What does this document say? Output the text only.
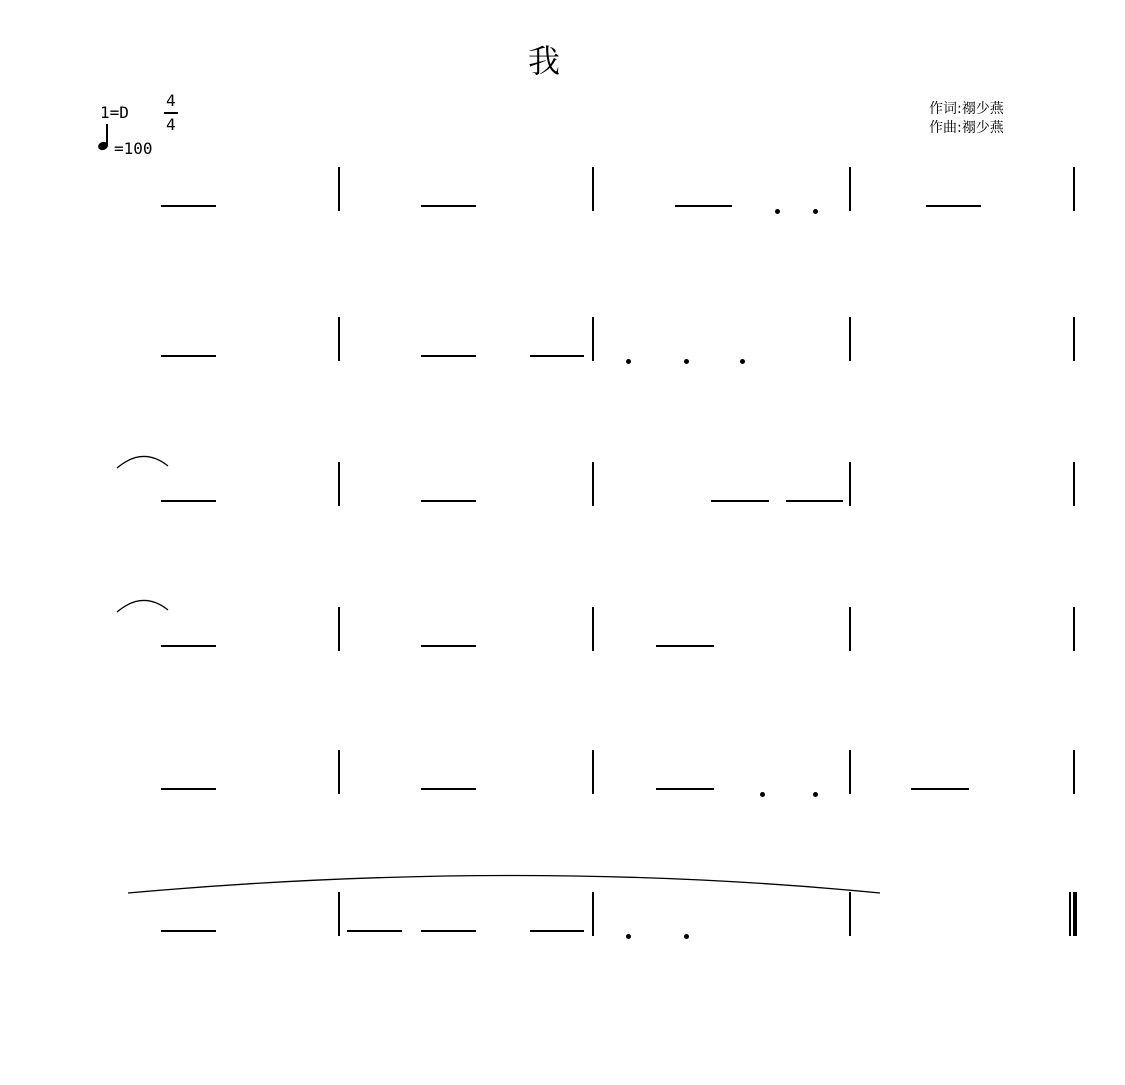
我
1=D
4
4
=100
作词:禤少燕
作曲:禤少燕
